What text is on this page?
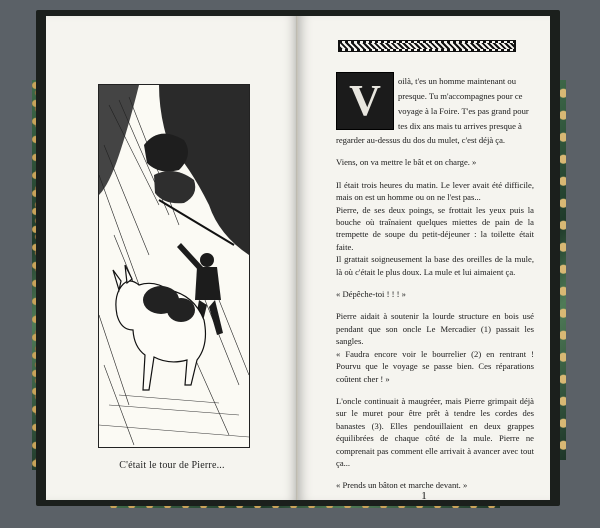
C'était le tour de Pierre...
V	oilà, t'es un homme maintenant ou

presque. Tu m'accompagnes pour ce

voyage à la Foire. T'es pas grand pour

tes dix ans mais tu arrives presque à

regarder au-dessus du dos du mulet, c'est déjà ça.

Viens, on va mettre le bât et on charge. »

Il était trois heures du matin. Le lever avait été difficile, mais on est un homme ou on ne l'est pas...

Pierre, de ses deux poings, se frottait les yeux puis la bouche où traînaient quelques miettes de pain de la trempette de soupe du petit-déjeuner : la toilette était faite.

Il grattait soigneusement la base des oreilles de la mule, là où c'était le plus doux. La mule et lui aimaient ça.

« Dépêche-toi ! ! ! »

Pierre aidait à soutenir la lourde structure en bois usé pendant que son oncle Le Mercadier (1) passait les sangles.

« Faudra encore voir le bourrelier (2) en rentrant ! Pourvu que le voyage se passe bien. Ces réparations coûtent cher ! »

L'oncle continuait à maugréer, mais Pierre grimpait déjà sur le muret pour être prêt à tendre les cordes des banastes (3). Elles pendouillaient en deux grappes équilibrées de chaque côté de la mule. Pierre ne comprenait pas comment elle arrivait à avancer avec tout ça...

« Prends un bâton et marche devant. »

1
